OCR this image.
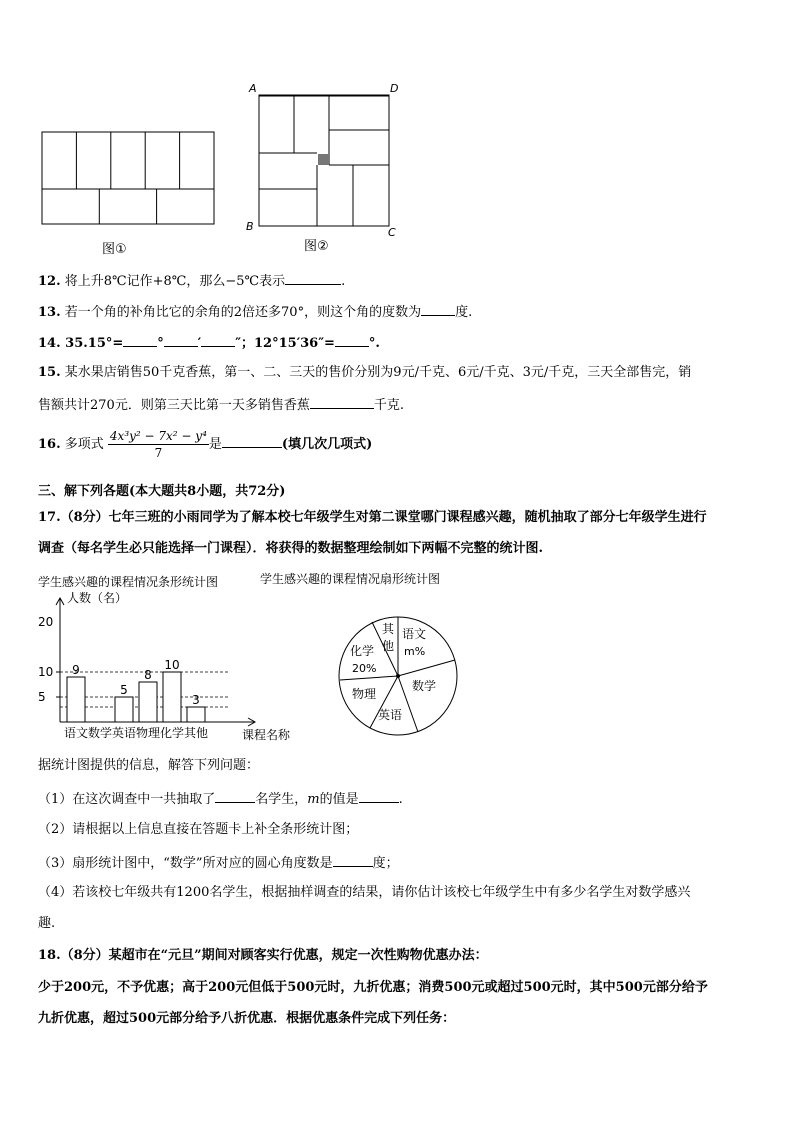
图①
A	D
B	C
图②
12. 将上升8℃记作+8℃，那么−5℃表示	.
13. 若一个角的补角比它的余角的2倍还多70°，则这个角的度数为	度.
14. 35.15°=	°	′	″；12°15′36″=	°.
15. 某水果店销售50千克香蕉，第一、二、三天的售价分别为9元/千克、6元/千克、3元/千克，三天全部售完，销
售额共计270元．则第三天比第一天多销售香蕉	千克.
16. 多项式 $\frac{\text{4x³y² − 7x² − y⁴}}{7}$ 是	(填几次几项式)
三、解下列各题(本大题共8小题，共72分)
17.（8分）七年三班的小雨同学为了解本校七年级学生对第二课堂哪门课程感兴趣，随机抽取了部分七年级学生进行
调查（每名学生必只能选择一门课程）．将获得的数据整理绘制如下两幅不完整的统计图.
学生感兴趣的课程情况条形统计图	学生感兴趣的课程情况扇形统计图
9
5
8
10
3
人数（名）
课程名称
5
10
20
语文 数学 英语 物理 化学 其他
其
他
语文
m%
数学
英语
物理
化学
20%
据统计图提供的信息，解答下列问题：
（1）在这次调查中一共抽取了	名学生，m的值是	.
（2）请根据以上信息直接在答题卡上补全条形统计图；
（3）扇形统计图中，“数学”所对应的圆心角度数是	度；
（4）若该校七年级共有1200名学生，根据抽样调查的结果，请你估计该校七年级学生中有多少名学生对数学感兴
趣.
18.（8分）某超市在“元旦”期间对顾客实行优惠，规定一次性购物优惠办法：
少于200元，不予优惠；高于200元但低于500元时，九折优惠；消费500元或超过500元时，其中500元部分给予
九折优惠，超过500元部分给予八折优惠．根据优惠条件完成下列任务：
